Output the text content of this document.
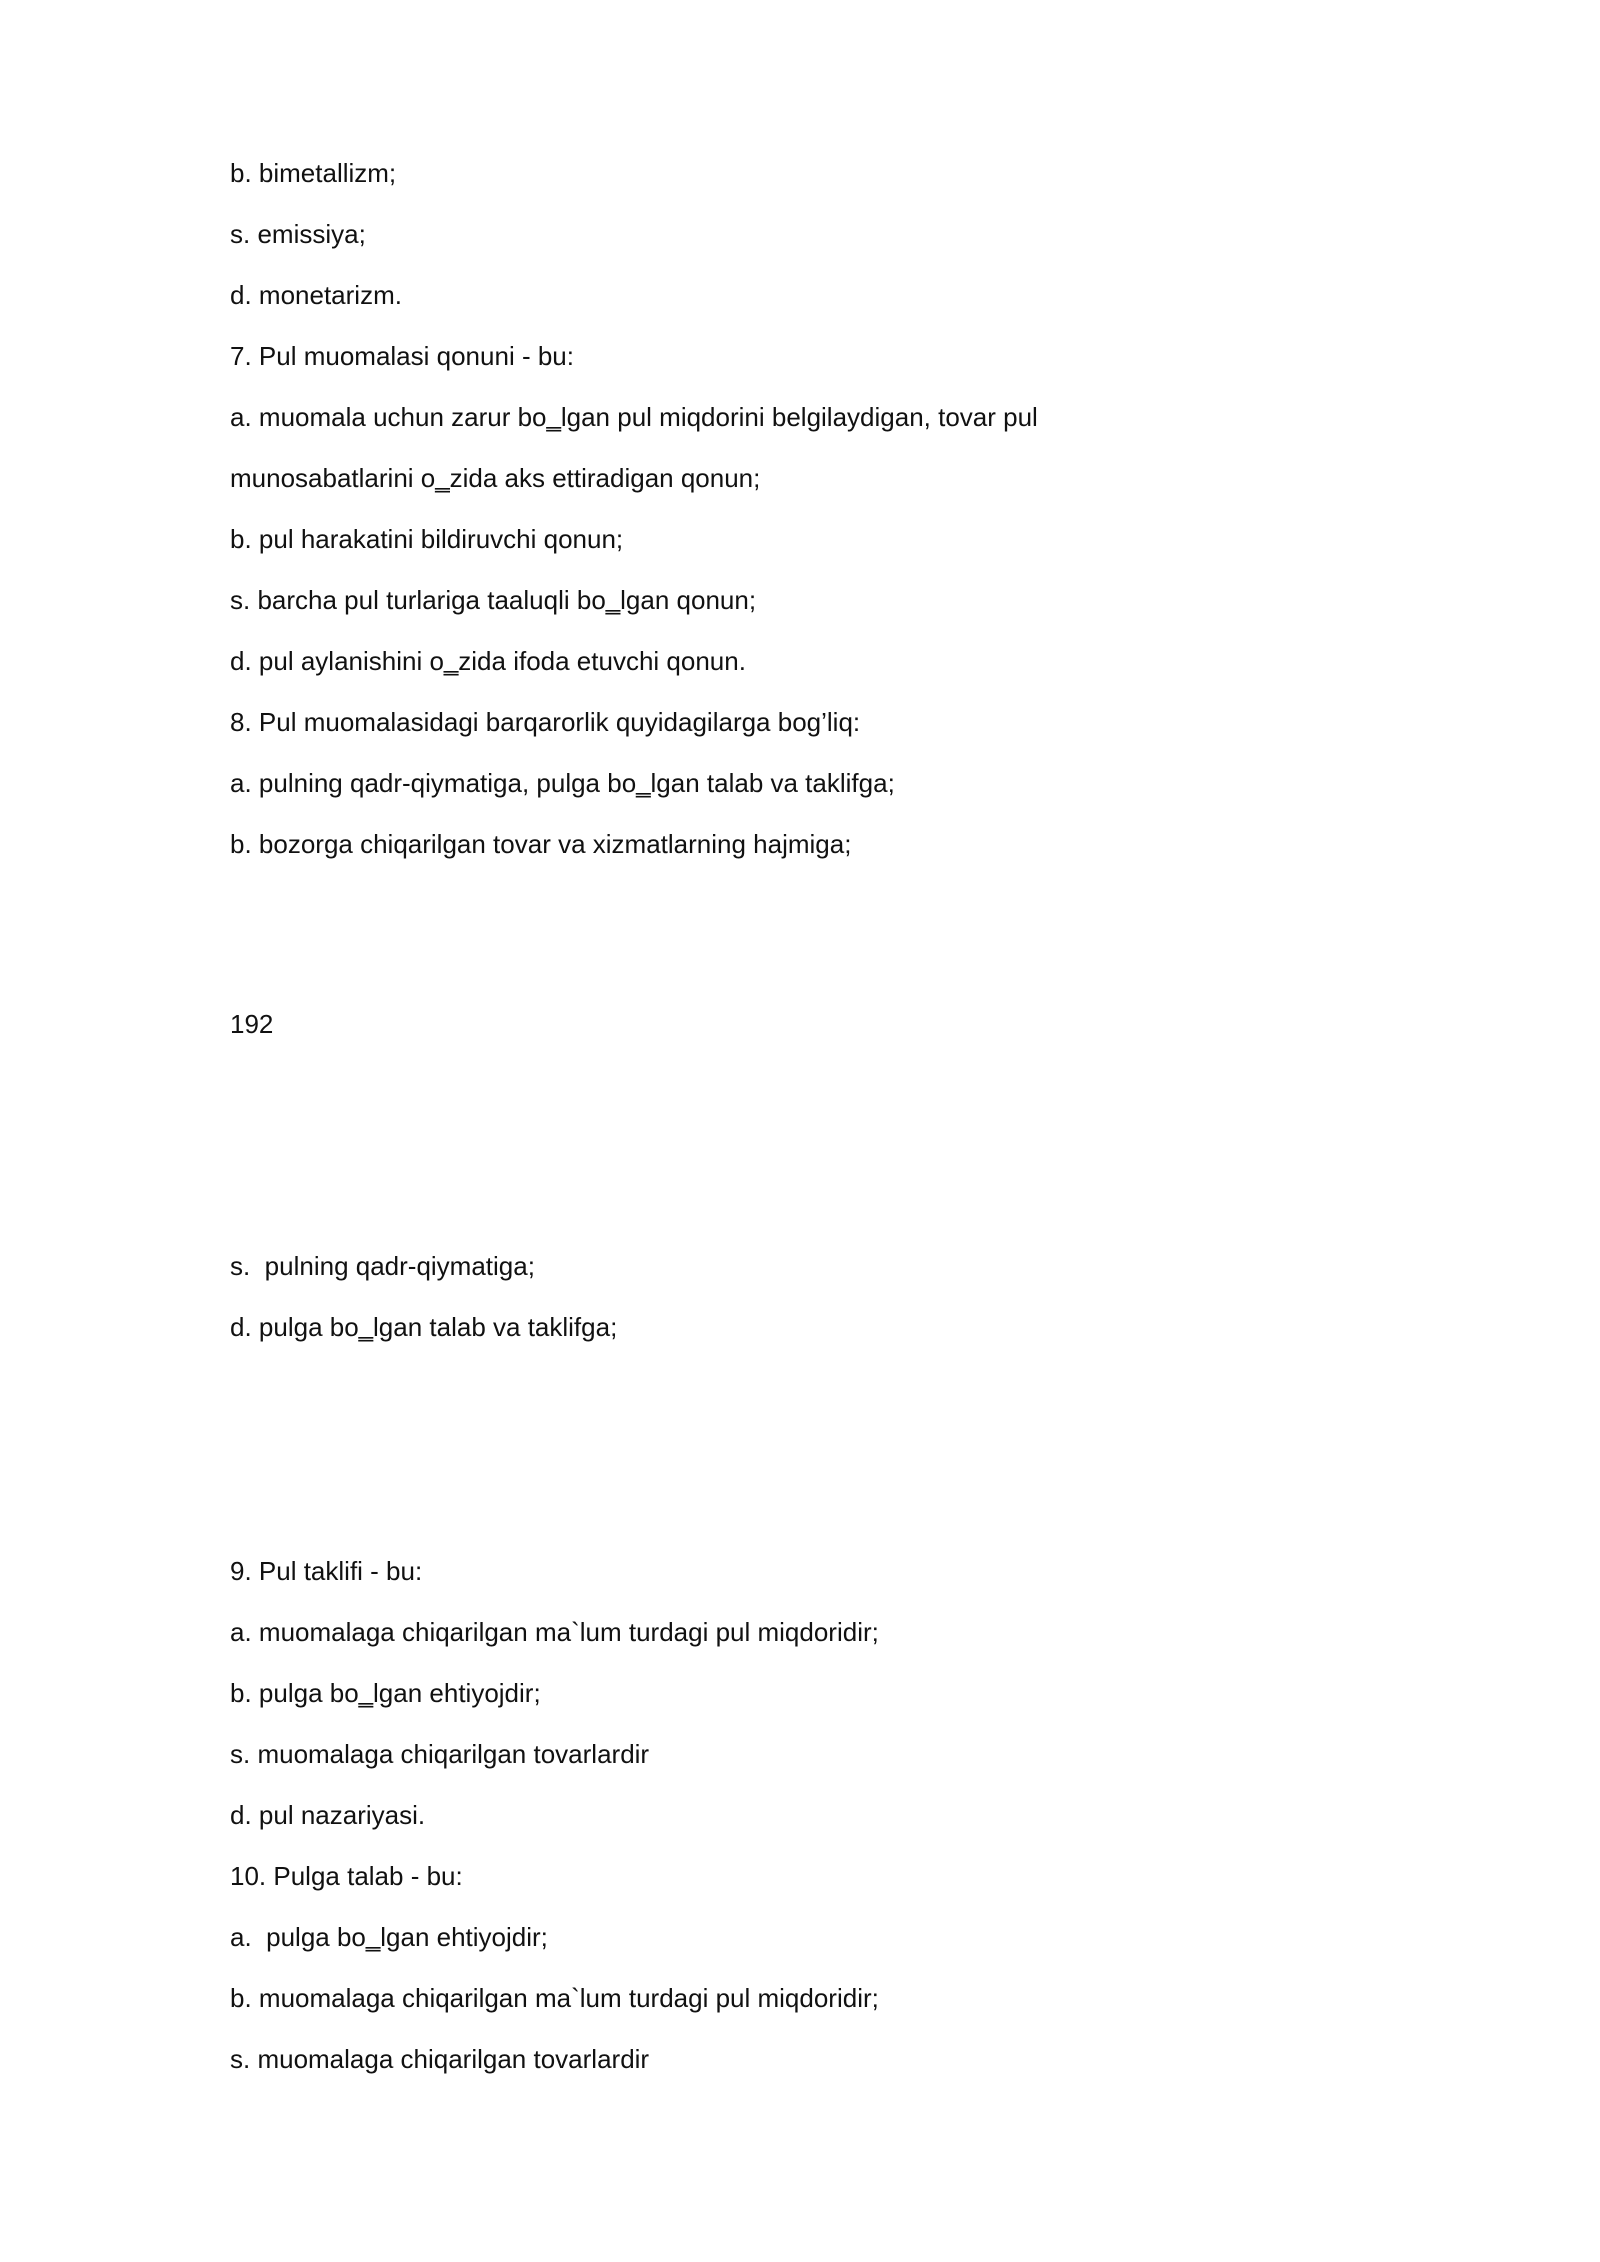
b. bimetallizm;
s. emissiya;
d. monetarizm.
7. Pul muomalasi qonuni - bu:
a. muomala uchun zarur bo‗lgan pul miqdorini belgilaydigan, tovar pul
munosabatlarini o‗zida aks ettiradigan qonun;
b. pul harakatini bildiruvchi qonun;
s. barcha pul turlariga taaluqli bo‗lgan qonun;
d. pul aylanishini o‗zida ifoda etuvchi qonun.
8. Pul muomalasidagi barqarorlik quyidagilarga bog’liq:
a. pulning qadr-qiymatiga, pulga bo‗lgan talab va taklifga;
b. bozorga chiqarilgan tovar va xizmatlarning hajmiga;
192
s.  pulning qadr-qiymatiga;
d. pulga bo‗lgan talab va taklifga;
9. Pul taklifi - bu:
a. muomalaga chiqarilgan ma`lum turdagi pul miqdoridir;
b. pulga bo‗lgan ehtiyojdir;
s. muomalaga chiqarilgan tovarlardir
d. pul nazariyasi.
10. Pulga talab - bu:
a.  pulga bo‗lgan ehtiyojdir;
b. muomalaga chiqarilgan ma`lum turdagi pul miqdoridir;
s. muomalaga chiqarilgan tovarlardir
